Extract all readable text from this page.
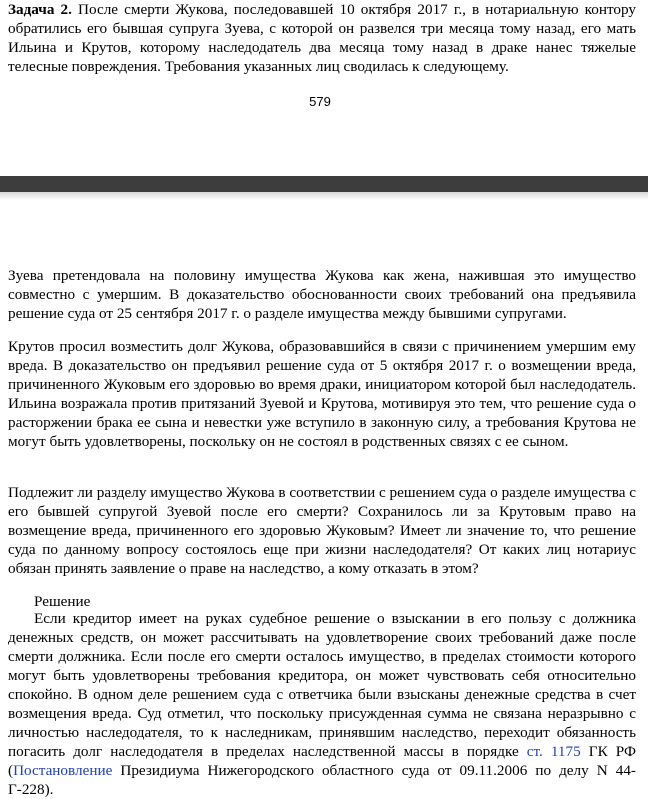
Задача 2. После смерти Жукова, последовавшей 10 октября 2017 г., в нотариальную контору обратились его бывшая супруга Зуева, с которой он развелся три месяца тому назад, его мать Ильина и Крутов, которому наследодатель два месяца тому назад в драке нанес тяжелые телесные повреждения. Требования указанных лиц сводилась к следующему.

579

Зуева претендовала на половину имущества Жукова как жена, нажившая это имущество совместно с умершим. В доказательство обоснованности своих требований она предъявила решение суда от 25 сентября 2017 г. о разделе имущества между бывшими супругами.

Крутов просил возместить долг Жукова, образовавшийся в связи с причинением умершим ему вреда. В доказательство он предъявил решение суда от 5 октября 2017 г. о возмещении вреда, причиненного Жуковым его здоровью во время драки, инициатором которой был наследодатель. Ильина возражала против притязаний Зуевой и Крутова, мотивируя это тем, что решение суда о расторжении брака ее сына и невестки уже вступило в законную силу, а требования Крутова не могут быть удовлетворены, поскольку он не состоял в родственных связях с ее сыном.

Подлежит ли разделу имущество Жукова в соответствии с решением суда о разделе имущества с его бывшей супругой Зуевой после его смерти? Сохранилось ли за Крутовым право на возмещение вреда, причиненного его здоровью Жуковым? Имеет ли значение то, что решение суда по данному вопросу состоялось еще при жизни наследодателя? От каких лиц нотариус обязан принять заявление о праве на наследство, а кому отказать в этом?

Решение

Если кредитор имеет на руках судебное решение о взыскании в его пользу с должника денежных средств, он может рассчитывать на удовлетворение своих требований даже после смерти должника. Если после его смерти осталось имущество, в пределах стоимости которого могут быть удовлетворены требования кредитора, он может чувствовать себя относительно спокойно. В одном деле решением суда с ответчика были взысканы денежные средства в счет возмещения вреда. Суд отметил, что поскольку присужденная сумма не связана неразрывно с личностью наследодателя, то к наследникам, принявшим наследство, переходит обязанность погасить долг наследодателя в пределах наследственной массы в порядке ст. 1175 ГК РФ (Постановление Президиума Нижегородского областного суда от 09.11.2006 по делу N 44-Г-228).
